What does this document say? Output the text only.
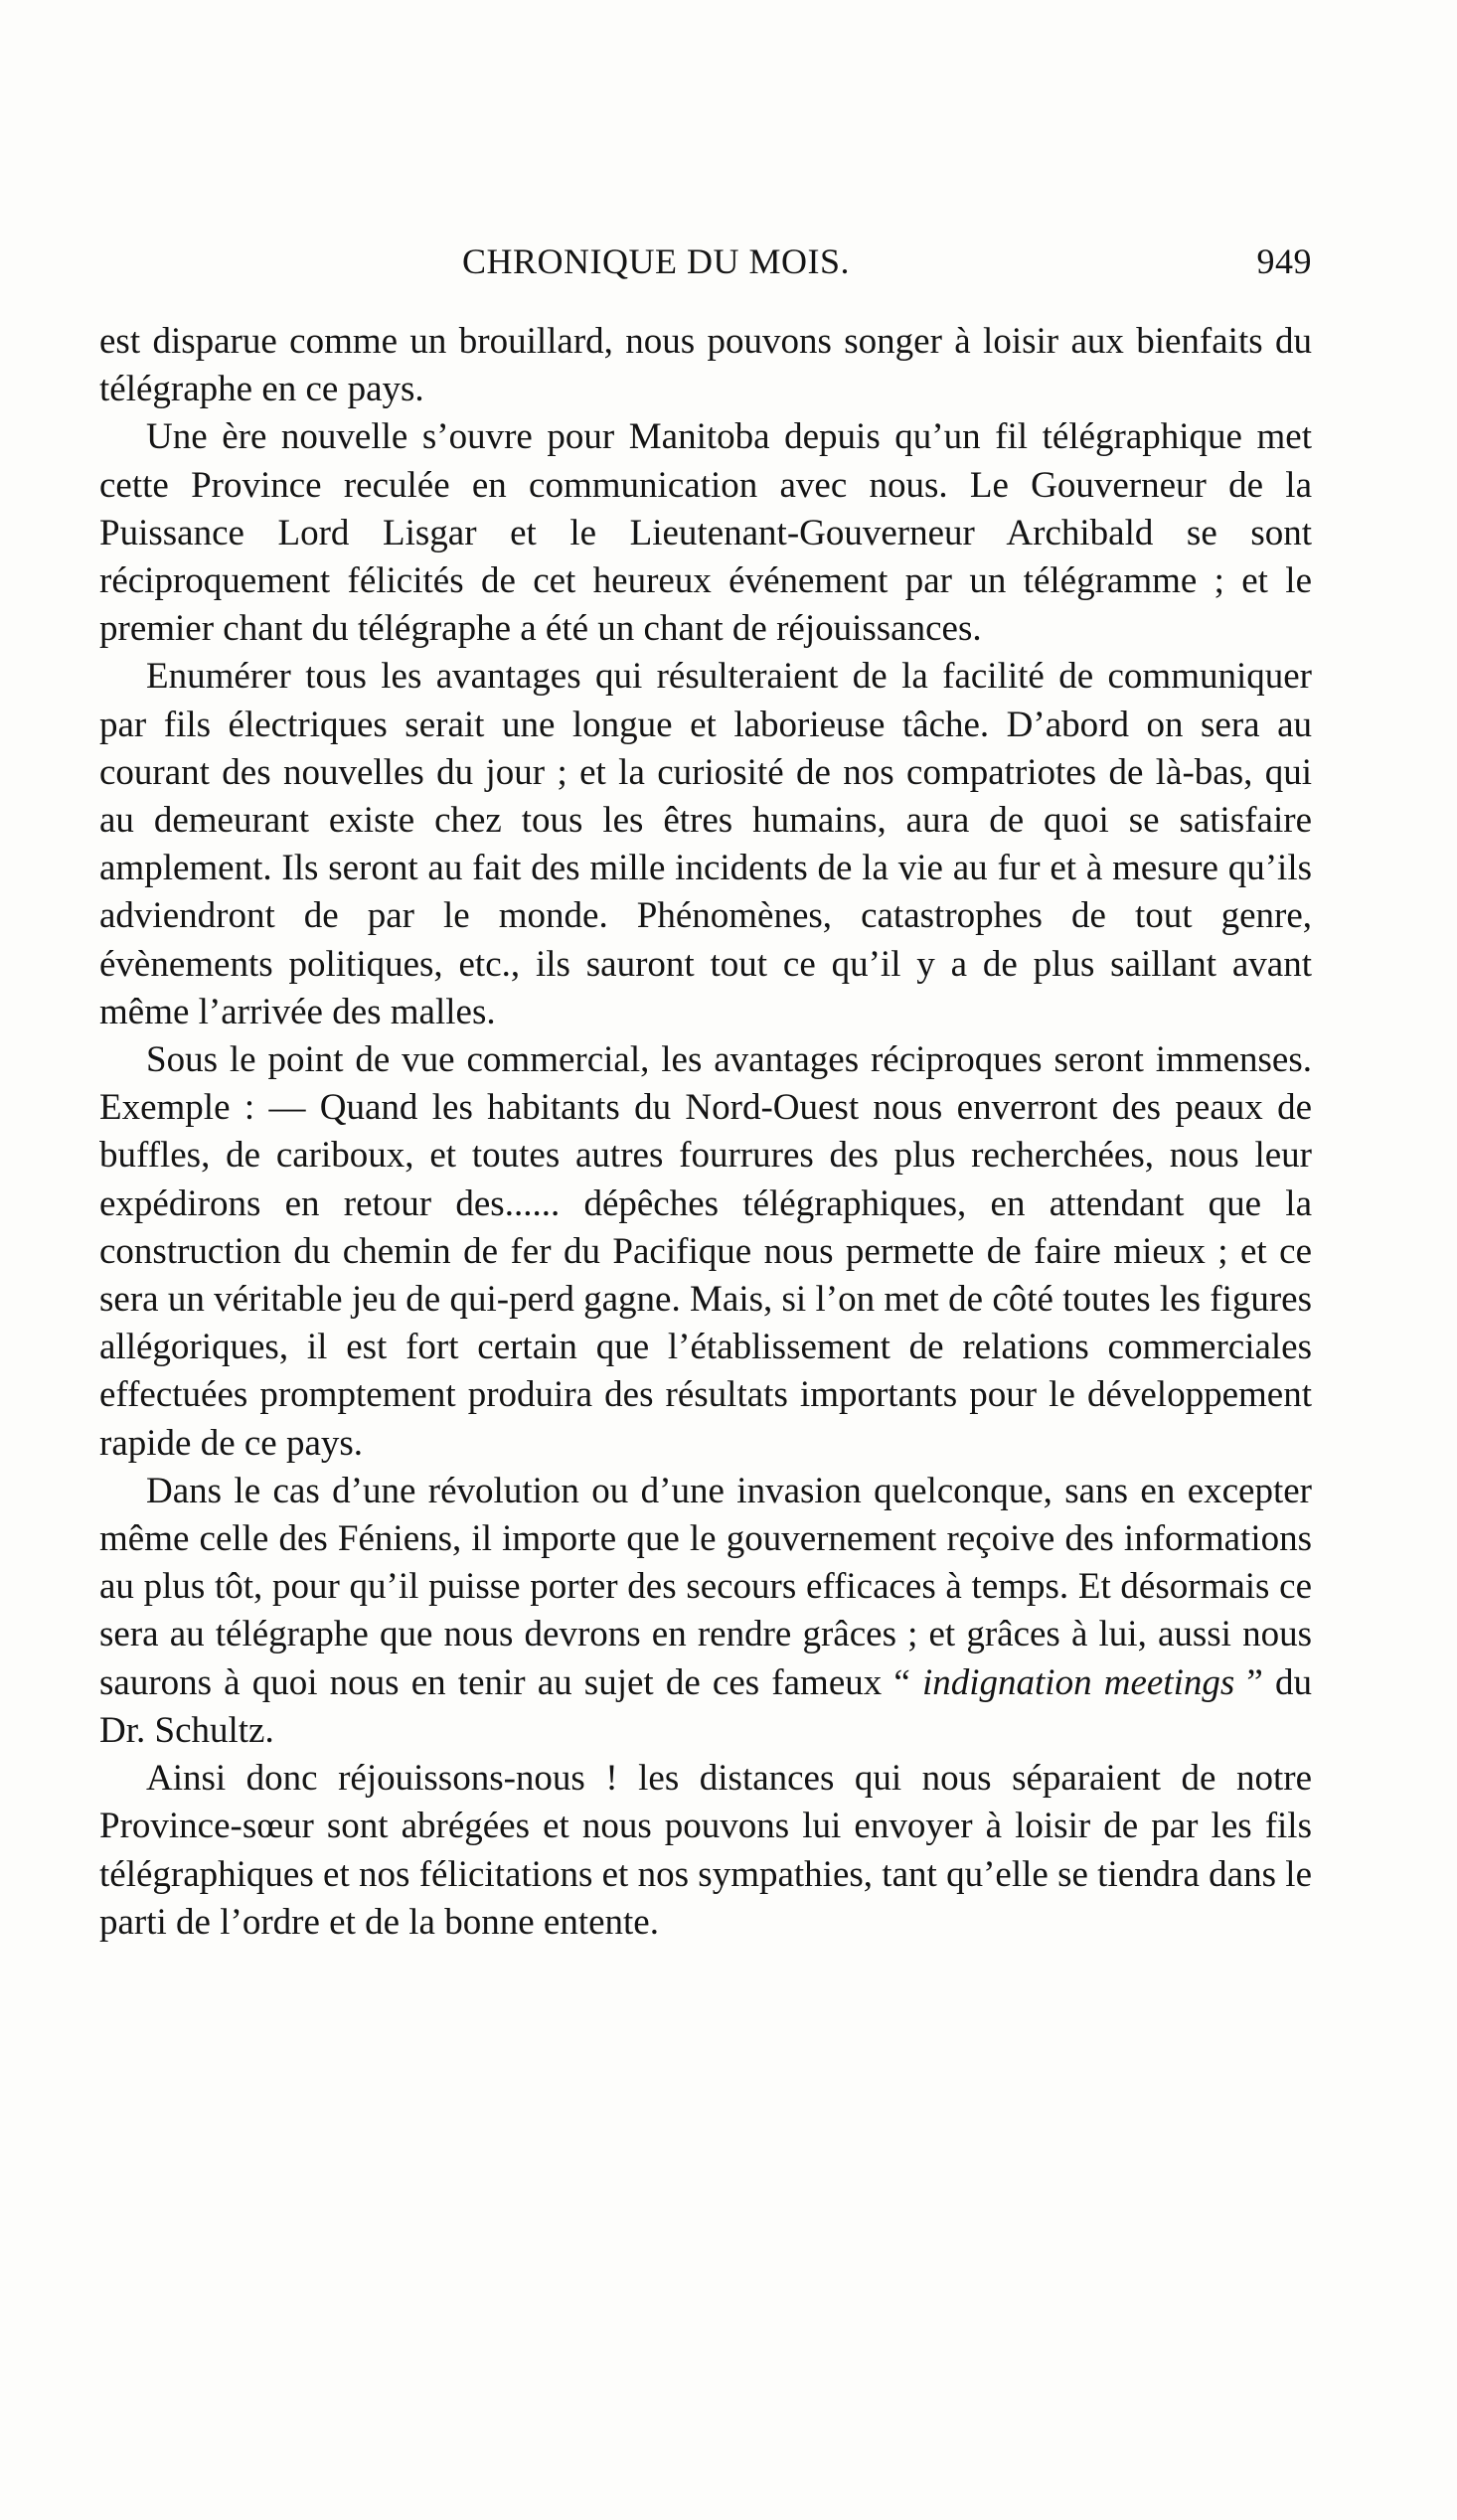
CHRONIQUE DU MOIS.	949

est disparue comme un brouillard, nous pouvons songer à loisir aux bienfaits du télégraphe en ce pays.

Une ère nouvelle s’ouvre pour Manitoba depuis qu’un fil télégraphique met cette Province reculée en communication avec nous. Le Gouverneur de la Puissance Lord Lisgar et le Lieutenant-Gouverneur Archibald se sont réciproquement félicités de cet heureux événement par un télégramme ; et le premier chant du télégraphe a été un chant de réjouissances.

Enumérer tous les avantages qui résulteraient de la facilité de communiquer par fils électriques serait une longue et laborieuse tâche. D’abord on sera au courant des nouvelles du jour ; et la curiosité de nos compatriotes de là-bas, qui au demeurant existe chez tous les êtres humains, aura de quoi se satisfaire amplement. Ils seront au fait des mille incidents de la vie au fur et à mesure qu’ils adviendront de par le monde. Phénomènes, catastrophes de tout genre, évènements politiques, etc., ils sauront tout ce qu’il y a de plus saillant avant même l’arrivée des malles.

Sous le point de vue commercial, les avantages réciproques seront immenses. Exemple : — Quand les habitants du Nord-Ouest nous enverront des peaux de buffles, de cariboux, et toutes autres fourrures des plus recherchées, nous leur expédirons en retour des...... dépêches télégraphiques, en attendant que la construction du chemin de fer du Pacifique nous permette de faire mieux ; et ce sera un véritable jeu de qui-perd gagne. Mais, si l’on met de côté toutes les figures allégoriques, il est fort certain que l’établissement de relations commerciales effectuées promptement produira des résultats importants pour le développement rapide de ce pays.

Dans le cas d’une révolution ou d’une invasion quelconque, sans en excepter même celle des Féniens, il importe que le gouvernement reçoive des informations au plus tôt, pour qu’il puisse porter des secours efficaces à temps. Et désormais ce sera au télégraphe que nous devrons en rendre grâces ; et grâces à lui, aussi nous saurons à quoi nous en tenir au sujet de ces fameux “ indignation meetings ” du Dr. Schultz.

Ainsi donc réjouissons-nous ! les distances qui nous séparaient de notre Province-sœur sont abrégées et nous pouvons lui envoyer à loisir de par les fils télégraphiques et nos félicitations et nos sympathies, tant qu’elle se tiendra dans le parti de l’ordre et de la bonne entente.
